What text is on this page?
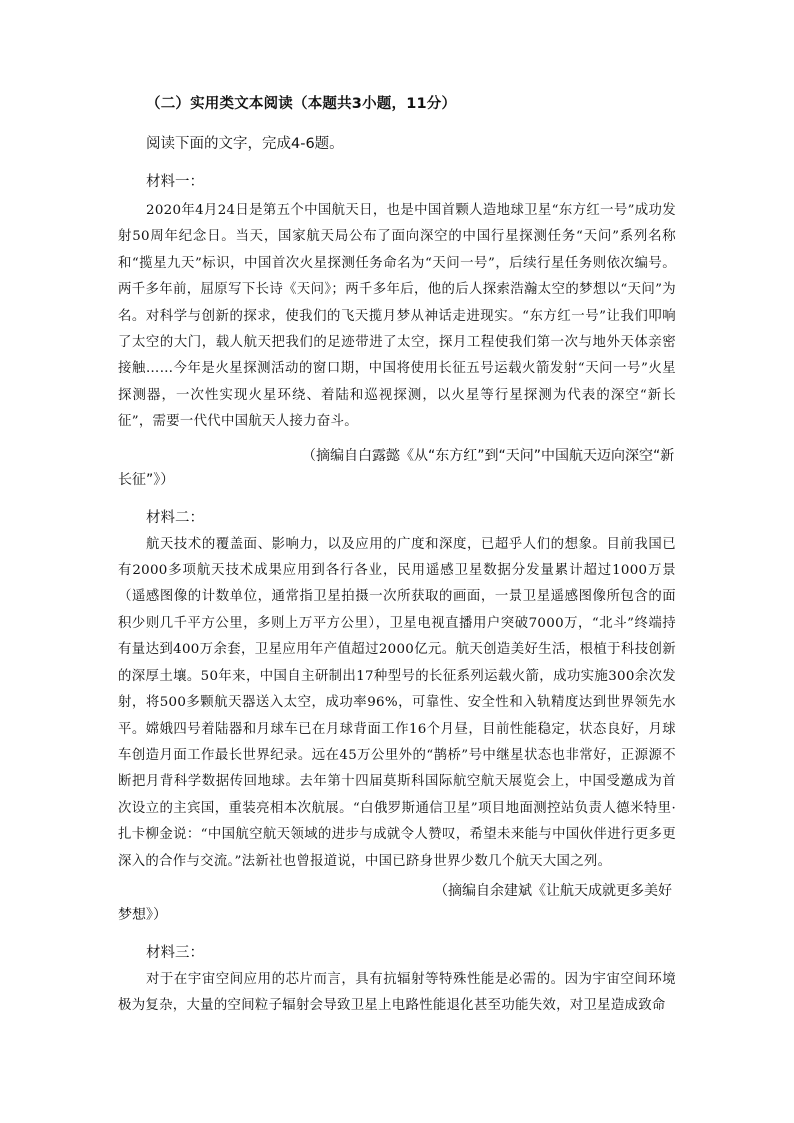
（二）实用类文本阅读（本题共3小题，11分）
阅读下面的文字，完成4-6题。
材料一：

2020年4月24日是第五个中国航天日，也是中国首颗人造地球卫星“东方红一号”成功发射50周年纪念日。当天，国家航天局公布了面向深空的中国行星探测任务“天问”系列名称和“揽星九天”标识，中国首次火星探测任务命名为“天问一号”，后续行星任务则依次编号。两千多年前，屈原写下长诗《天问》；两千多年后，他的后人探索浩瀚太空的梦想以“天问”为名。对科学与创新的探求，使我们的飞天揽月梦从神话走进现实。“东方红一号”让我们叩响了太空的大门，载人航天把我们的足迹带进了太空，探月工程使我们第一次与地外天体亲密接触……今年是火星探测活动的窗口期，中国将使用长征五号运载火箭发射“天问一号”火星探测器，一次性实现火星环绕、着陆和巡视探测，以火星等行星探测为代表的深空“新长征”，需要一代代中国航天人接力奋斗。

（摘编自白露懿《从“东方红”到“天问”中国航天迈向深空“新长征”》）
材料二：

航天技术的覆盖面、影响力，以及应用的广度和深度，已超乎人们的想象。目前我国已有2000多项航天技术成果应用到各行各业，民用遥感卫星数据分发量累计超过1000万景（遥感图像的计数单位，通常指卫星拍摄一次所获取的画面，一景卫星遥感图像所包含的面积少则几千平方公里，多则上万平方公里），卫星电视直播用户突破7000万，“北斗”终端持有量达到400万余套，卫星应用年产值超过2000亿元。航天创造美好生活，根植于科技创新的深厚土壤。50年来，中国自主研制出17种型号的长征系列运载火箭，成功实施300余次发射，将500多颗航天器送入太空，成功率96%，可靠性、安全性和入轨精度达到世界领先水平。嫦娥四号着陆器和月球车已在月球背面工作16个月昼，目前性能稳定，状态良好，月球车创造月面工作最长世界纪录。远在45万公里外的“鹊桥”号中继星状态也非常好，正源源不断把月背科学数据传回地球。去年第十四届莫斯科国际航空航天展览会上，中国受邀成为首次设立的主宾国，重装亮相本次航展。“白俄罗斯通信卫星”项目地面测控站负责人德米特里·扎卡柳金说：“中国航空航天领域的进步与成就令人赞叹，希望未来能与中国伙伴进行更多更深入的合作与交流。”法新社也曾报道说，中国已跻身世界少数几个航天大国之列。

（摘编自余建斌《让航天成就更多美好梦想》）
材料三：

对于在宇宙空间应用的芯片而言，具有抗辐射等特殊性能是必需的。因为宇宙空间环境极为复杂，大量的空间粒子辐射会导致卫星上电路性能退化甚至功能失效，对卫星造成致命
